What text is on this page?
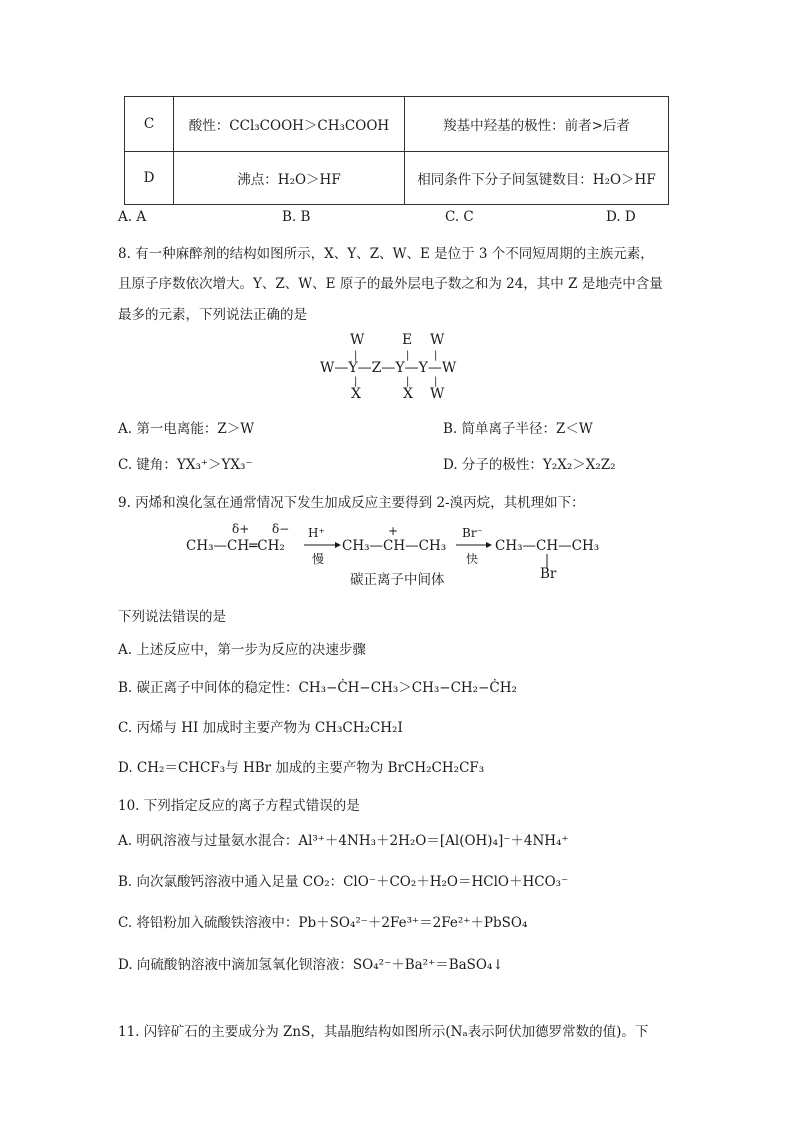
C	酸性：CCl₃COOH＞CH₃COOH	羧基中羟基的极性：前者>后者
D	沸点：H₂O＞HF	相同条件下分子间氢键数目：H₂O＞HF
A. A	B. B	C. C	D. D
8. 有一种麻醉剂的结构如图所示，X、Y、Z、W、E 是位于 3 个不同短周期的主族元素，
且原子序数依次增大。Y、Z、W、E 原子的最外层电子数之和为 24，其中 Z 是地壳中含量
最多的元素，下列说法正确的是
W	E W
|	| |
W—Y—Z—Y—Y—W
|	| |
X	X W
A. 第一电离能：Z＞W	B. 简单离子半径：Z＜W
C. 键角：YX₃⁺＞YX₃⁻	D. 分子的极性：Y₂X₂＞X₂Z₂
9. 丙烯和溴化氢在通常情况下发生加成反应主要得到 2-溴丙烷，其机理如下：
δ+ δ−
CH₃—CH═CH₂
H⁺
慢
+
CH₃—CH—CH₃
碳正离子中间体
Br⁻
快
CH₃—CH—CH₃
Br
下列说法错误的是
A. 上述反应中，第一步为反应的决速步骤
B. 碳正离子中间体的稳定性：CH₃−ĊH−CH₃＞CH₃−CH₂−ĊH₂
C. 丙烯与 HI 加成时主要产物为 CH₃CH₂CH₂I
D. CH₂＝CHCF₃与 HBr 加成的主要产物为 BrCH₂CH₂CF₃
10. 下列指定反应的离子方程式错误的是
A. 明矾溶液与过量氨水混合：Al³⁺＋4NH₃＋2H₂O＝[Al(OH)₄]⁻＋4NH₄⁺
B. 向次氯酸钙溶液中通入足量 CO₂：ClO⁻＋CO₂＋H₂O＝HClO＋HCO₃⁻
C. 将铅粉加入硫酸铁溶液中：Pb＋SO₄²⁻＋2Fe³⁺＝2Fe²⁺＋PbSO₄
D. 向硫酸钠溶液中滴加氢氧化钡溶液：SO₄²⁻＋Ba²⁺＝BaSO₄↓
11. 闪锌矿石的主要成分为 ZnS，其晶胞结构如图所示(Nₐ表示阿伏加德罗常数的值)。下
